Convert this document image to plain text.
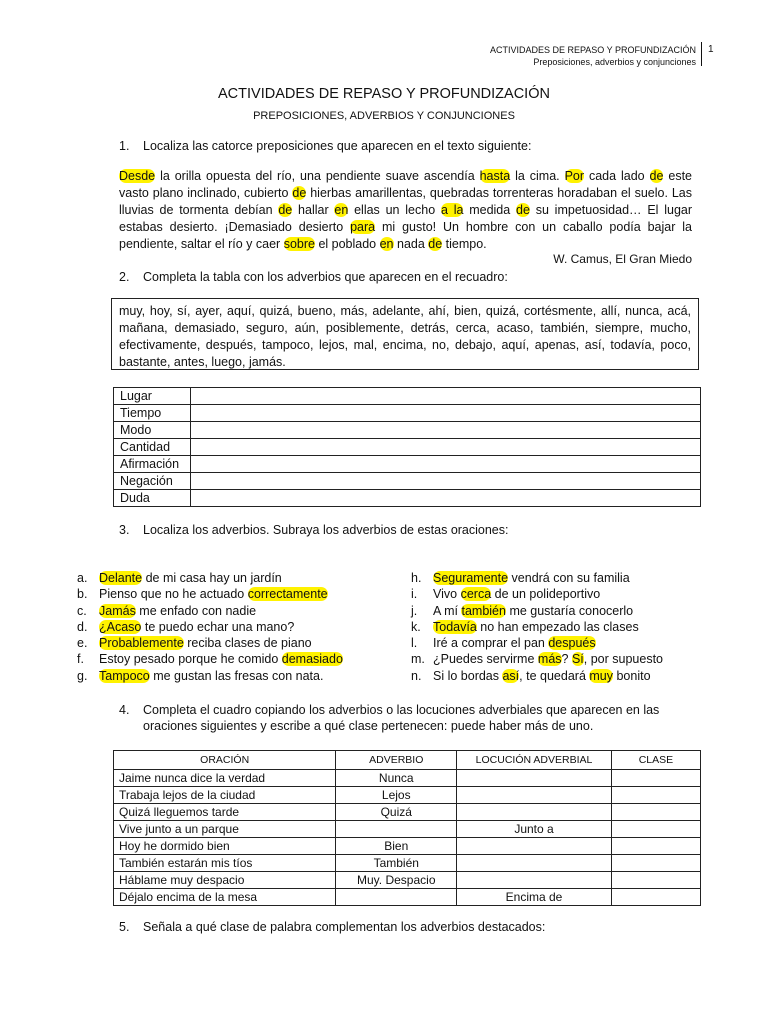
ACTIVIDADES DE REPASO Y PROFUNDIZACIÓN
Preposiciones, adverbios y conjunciones
1
ACTIVIDADES DE REPASO Y PROFUNDIZACIÓN
PREPOSICIONES, ADVERBIOS Y CONJUNCIONES
1. Localiza las catorce preposiciones que aparecen en el texto siguiente:
Desde la orilla opuesta del río, una pendiente suave ascendía hasta la cima. Por cada lado de este vasto plano inclinado, cubierto de hierbas amarillentas, quebradas torrenteras horadaban el suelo. Las lluvias de tormenta debían de hallar en ellas un lecho a la medida de su impetuosidad… El lugar estabas desierto. ¡Demasiado desierto para mi gusto! Un hombre con un caballo podía bajar la pendiente, saltar el río y caer sobre el poblado en nada de tiempo.
W. Camus, El Gran Miedo
2. Completa la tabla con los adverbios que aparecen en el recuadro:
muy, hoy, sí, ayer, aquí, quizá, bueno, más, adelante, ahí, bien, quizá, cortésmente, allí, nunca, acá, mañana, demasiado, seguro, aún, posiblemente, detrás, cerca, acaso, también, siempre, mucho, efectivamente, después, tampoco, lejos, mal, encima, no, debajo, aquí, apenas, así, todavía, poco, bastante, antes, luego, jamás.
Lugar	
Tiempo	
Modo	
Cantidad	
Afirmación	
Negación	
Duda	
3. Localiza los adverbios. Subraya los adverbios de estas oraciones:
a. Delante de mi casa hay un jardín
b. Pienso que no he actuado correctamente
c. Jamás me enfado con nadie
d. ¿Acaso te puedo echar una mano?
e. Probablemente reciba clases de piano
f. Estoy pesado porque he comido demasiado
g. Tampoco me gustan las fresas con nata.
h. Seguramente vendrá con su familia
i. Vivo cerca de un polideportivo
j. A mí también me gustaría conocerlo
k. Todavía no han empezado las clases
l. Iré a comprar el pan después
m. ¿Puedes servirme más? Sí, por supuesto
n. Si lo bordas así, te quedará muy bonito
4. Completa el cuadro copiando los adverbios o las locuciones adverbiales que aparecen en las
oraciones siguientes y escribe a qué clase pertenecen: puede haber más de uno.
ORACIÓN	ADVERBIO	LOCUCIÓN ADVERBIAL	CLASE
Jaime nunca dice la verdad	Nunca		
Trabaja lejos de la ciudad	Lejos		
Quizá lleguemos tarde	Quizá		
Vive junto a un parque		Junto a	
Hoy he dormido bien	Bien		
También estarán mis tíos	También		
Háblame muy despacio	Muy. Despacio		
Déjalo encima de la mesa		Encima de	
5. Señala a qué clase de palabra complementan los adverbios destacados:
